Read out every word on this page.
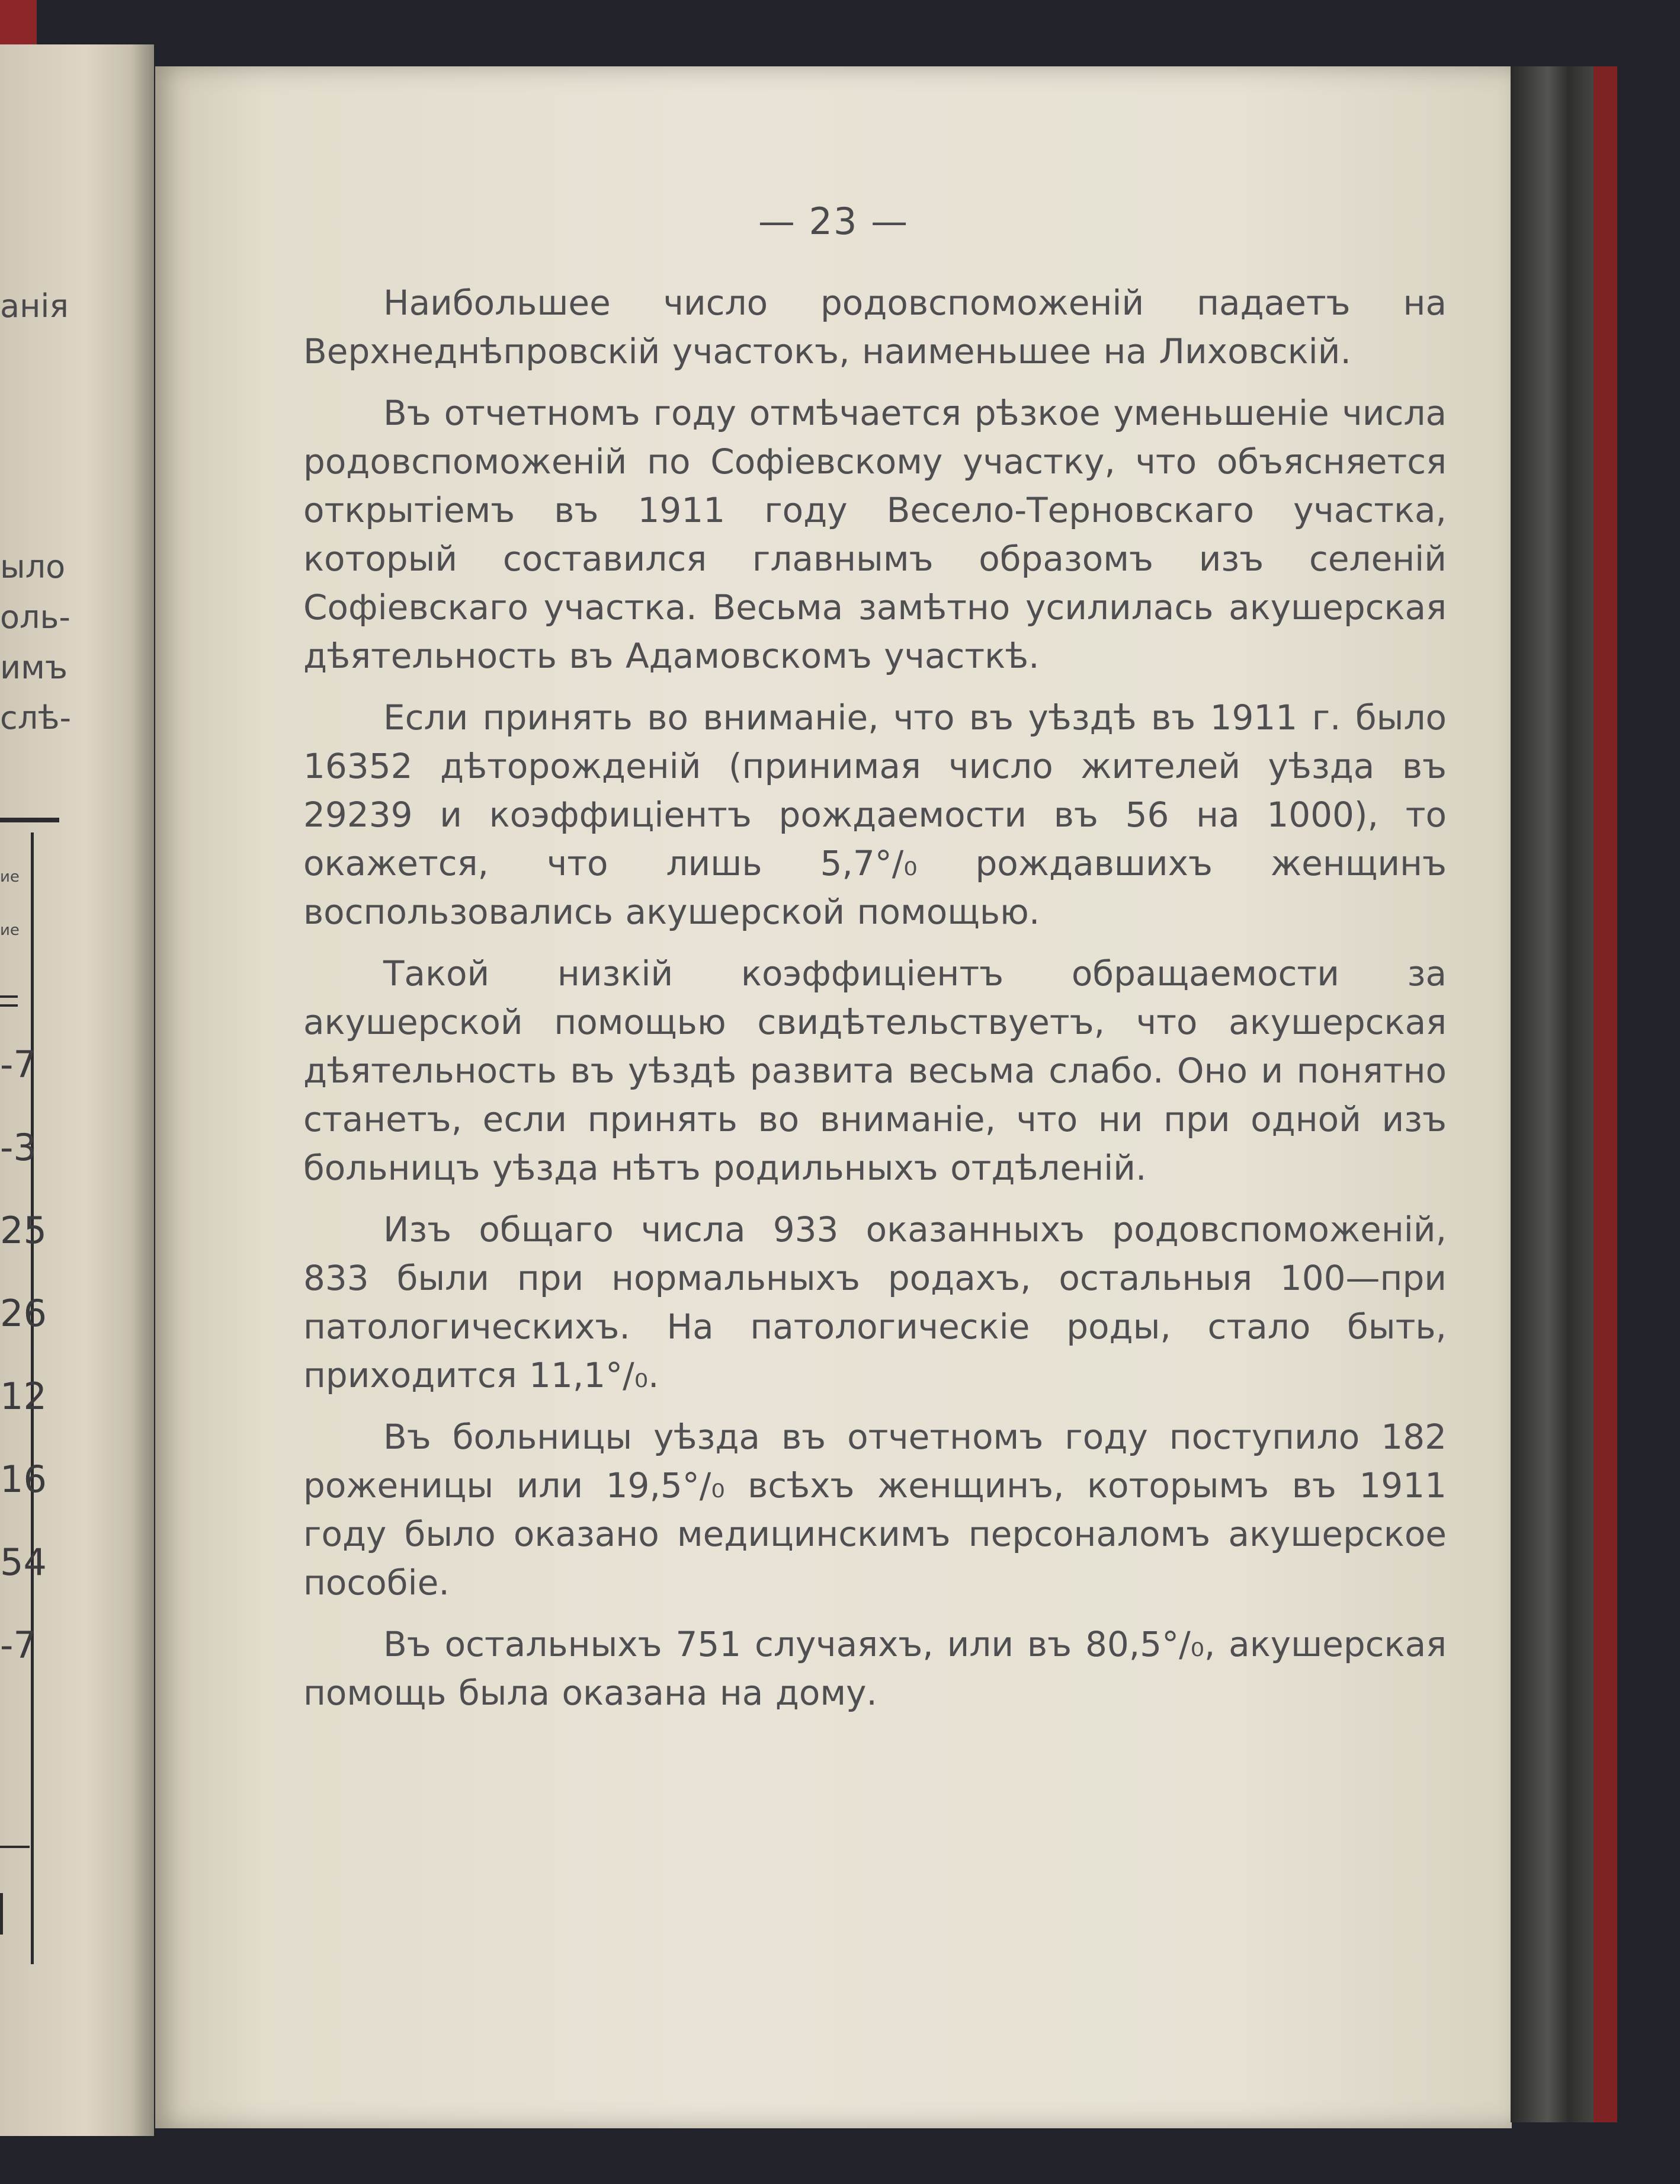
анія
ыло
оль-
имъ
слѣ-
ие
ие
-7
-3
25
26
12
16
54
-7
— 23 —

Наибольшее число родовспоможеній падаетъ на Верхнеднѣпровскій участокъ, наименьшее на Лиховскій.

Въ отчетномъ году отмѣчается рѣзкое уменьшеніе числа родовспоможеній по Софіевскому участку, что объясняется открытіемъ въ 1911 году Весело-Терновскаго участка, который составился главнымъ образомъ изъ селеній Софіевскаго участка. Весьма замѣтно усилилась акушерская дѣятельность въ Адамовскомъ участкѣ.

Если принять во вниманіе, что въ уѣздѣ въ 1911 г. было 16352 дѣторожденій (принимая число жителей уѣзда въ 29239 и коэффиціентъ рождаемости въ 56 на 1000), то окажется, что лишь 5,7°/₀ рождавшихъ женщинъ воспользовались акушерской помощью.

Такой низкій коэффиціентъ обращаемости за акушерской помощью свидѣтельствуетъ, что акушерская дѣятельность въ уѣздѣ развита весьма слабо. Оно и понятно станетъ, если принять во вниманіе, что ни при одной изъ больницъ уѣзда нѣтъ родильныхъ отдѣленій.

Изъ общаго числа 933 оказанныхъ родовспоможеній, 833 были при нормальныхъ родахъ, остальныя 100—при патологическихъ. На патологическіе роды, стало быть, приходится 11,1°/₀.

Въ больницы уѣзда въ отчетномъ году поступило 182 роженицы или 19,5°/₀ всѣхъ женщинъ, которымъ въ 1911 году было оказано медицинскимъ персоналомъ акушерское пособіе.

Въ остальныхъ 751 случаяхъ, или въ 80,5°/₀, акушерская помощь была оказана на дому.
